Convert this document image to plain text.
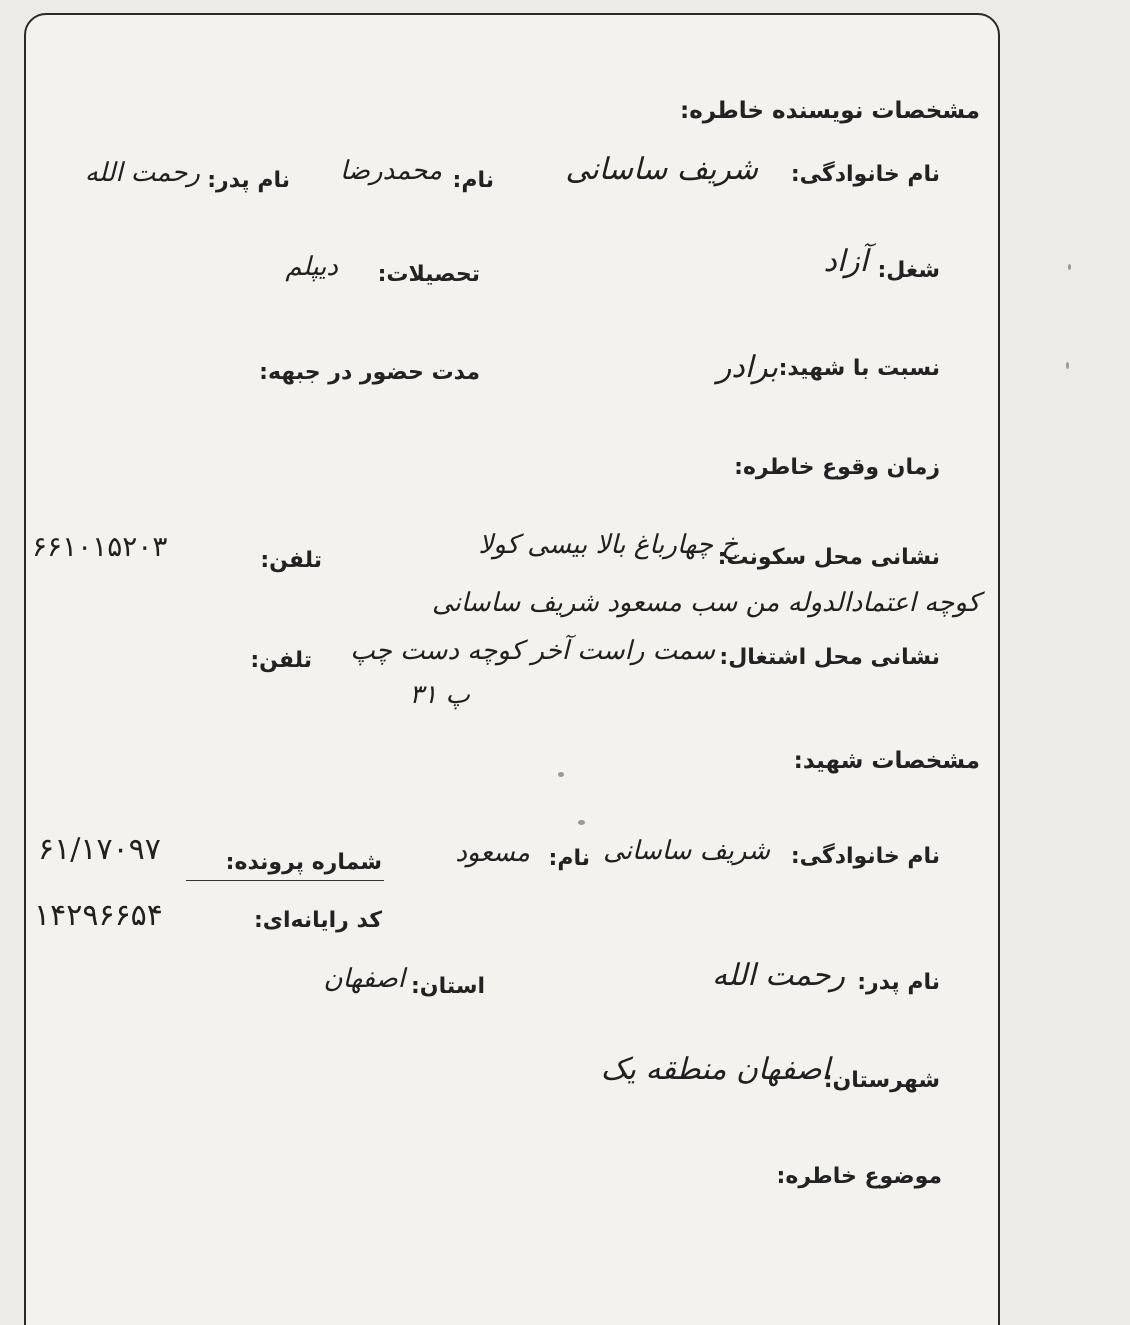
مشخصات نویسنده خاطره:
نام خانوادگی:
شریف ساسانی
نام:
محمدرضا
نام پدر:
رحمت الله
شغل:
آزاد
تحصیلات:
دیپلم
نسبت با شهید:
برادر
مدت حضور در جبهه:
زمان وقوع خاطره:
نشانی محل سکونت:
خ چهارباغ بالا بیسی کولا
تلفن:
۶۶۱۰۱۵۲۰۳
کوچه اعتمادالدوله من سب مسعود شریف ساسانی
نشانی محل اشتغال:
سمت راست آخر کوچه دست چپ
تلفن:
پ ۳۱
مشخصات شهید:
نام خانوادگی:
شریف ساسانی
نام:
مسعود
شماره پرونده:
۶۱/۱۷۰۹۷
کد رایانه‌ای:
۱۴۲۹۶۶۵۴
نام پدر:
رحمت الله
استان:
اصفهان
شهرستان:
اصفهان منطقه یک
موضوع خاطره:
